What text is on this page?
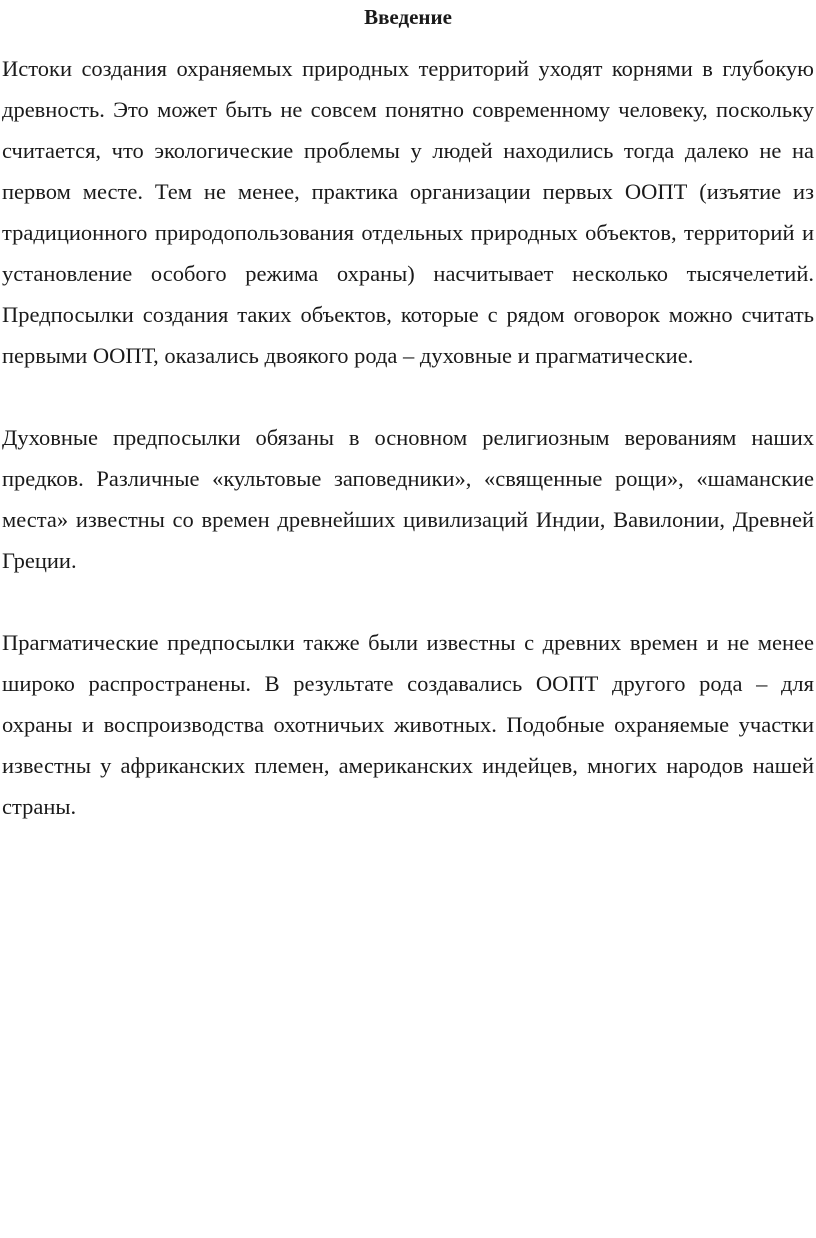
Введение

Истоки создания охраняемых природных территорий уходят корнями в глубокую древность. Это может быть не совсем понятно современному человеку, поскольку считается, что экологические проблемы у людей находились тогда далеко не на первом месте. Тем не менее, практика организации первых ООПТ (изъятие из традиционного природопользования отдельных природных объектов, территорий и установление особого режима охраны) насчитывает несколько тысячелетий. Предпосылки создания таких объектов, которые с рядом оговорок можно считать первыми ООПТ, оказались двоякого рода – духовные и прагматические.

Духовные предпосылки обязаны в основном религиозным верованиям наших предков. Различные «культовые заповедники», «священные рощи», «шаманские места» известны со времен древнейших цивилизаций Индии, Вавилонии, Древней Греции.

Прагматические предпосылки также были известны с древних времен и не менее широко распространены. В результате создавались ООПТ другого рода – для охраны и воспроизводства охотничьих животных. Подобные охраняемые участки известны у африканских племен, американских индейцев, многих народов нашей страны.
